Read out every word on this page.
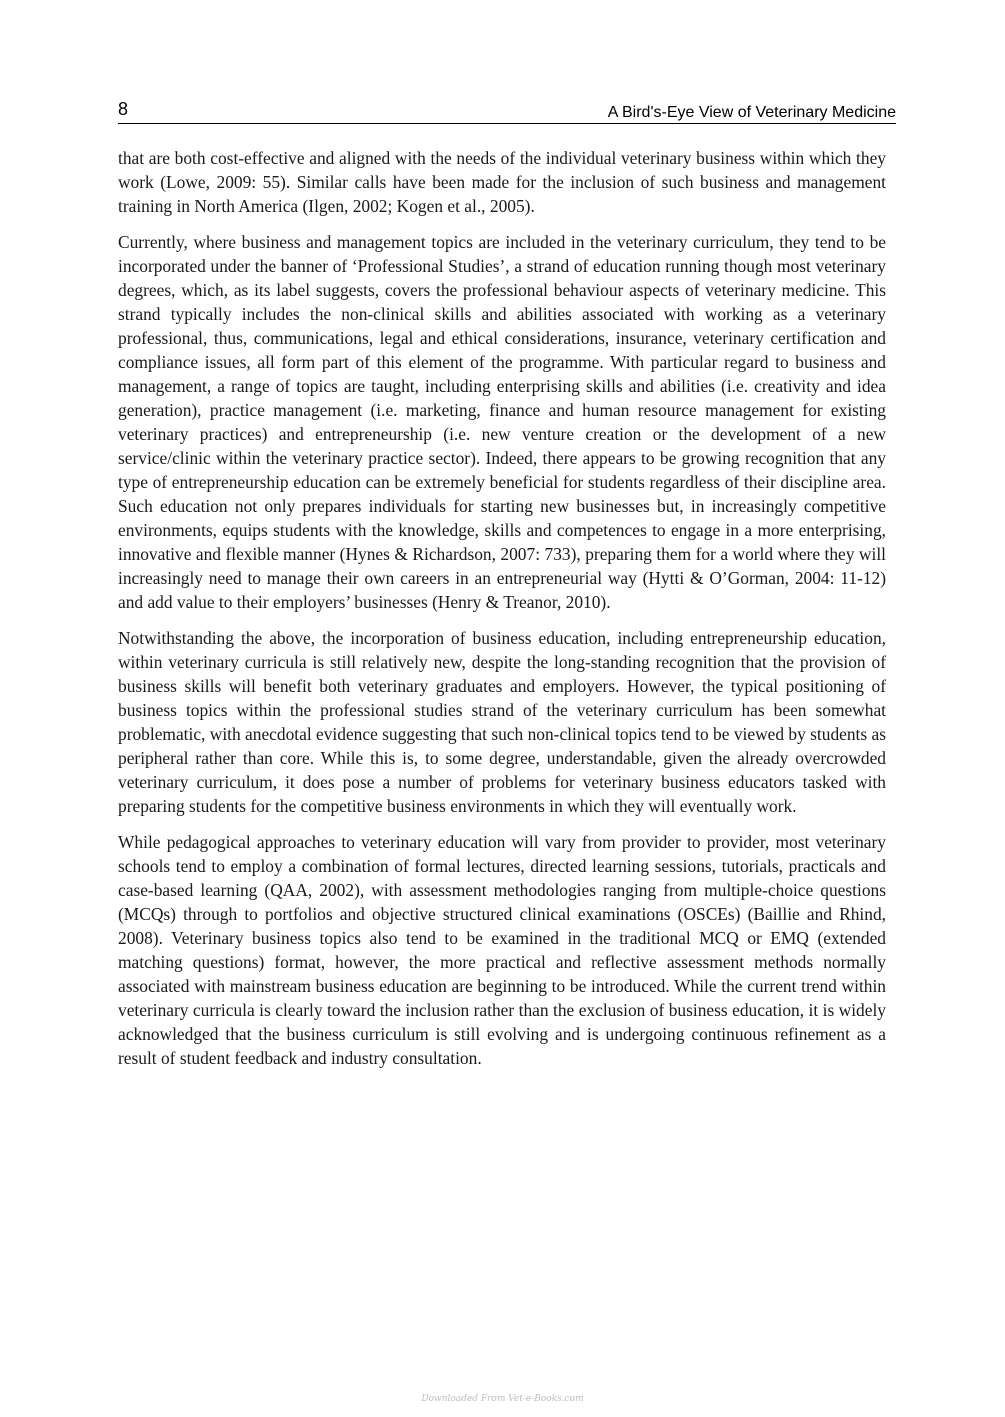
8	A Bird's-Eye View of Veterinary Medicine

that are both cost-effective and aligned with the needs of the individual veterinary business within which they work (Lowe, 2009: 55). Similar calls have been made for the inclusion of such business and management training in North America (Ilgen, 2002; Kogen et al., 2005).

Currently, where business and management topics are included in the veterinary curriculum, they tend to be incorporated under the banner of ‘Professional Studies’, a strand of education running though most veterinary degrees, which, as its label suggests, covers the professional behaviour aspects of veterinary medicine. This strand typically includes the non-clinical skills and abilities associated with working as a veterinary professional, thus, communications, legal and ethical considerations, insurance, veterinary certification and compliance issues, all form part of this element of the programme. With particular regard to business and management, a range of topics are taught, including enterprising skills and abilities (i.e. creativity and idea generation), practice management (i.e. marketing, finance and human resource management for existing veterinary practices) and entrepreneurship (i.e. new venture creation or the development of a new service/clinic within the veterinary practice sector). Indeed, there appears to be growing recognition that any type of entrepreneurship education can be extremely beneficial for students regardless of their discipline area. Such education not only prepares individuals for starting new businesses but, in increasingly competitive environments, equips students with the knowledge, skills and competences to engage in a more enterprising, innovative and flexible manner (Hynes & Richardson, 2007: 733), preparing them for a world where they will increasingly need to manage their own careers in an entrepreneurial way (Hytti & O’Gorman, 2004: 11-12) and add value to their employers’ businesses (Henry & Treanor, 2010).

Notwithstanding the above, the incorporation of business education, including entrepreneurship education, within veterinary curricula is still relatively new, despite the long-standing recognition that the provision of business skills will benefit both veterinary graduates and employers. However, the typical positioning of business topics within the professional studies strand of the veterinary curriculum has been somewhat problematic, with anecdotal evidence suggesting that such non-clinical topics tend to be viewed by students as peripheral rather than core. While this is, to some degree, understandable, given the already overcrowded veterinary curriculum, it does pose a number of problems for veterinary business educators tasked with preparing students for the competitive business environments in which they will eventually work.

While pedagogical approaches to veterinary education will vary from provider to provider, most veterinary schools tend to employ a combination of formal lectures, directed learning sessions, tutorials, practicals and case-based learning (QAA, 2002), with assessment methodologies ranging from multiple-choice questions (MCQs) through to portfolios and objective structured clinical examinations (OSCEs) (Baillie and Rhind, 2008). Veterinary business topics also tend to be examined in the traditional MCQ or EMQ (extended matching questions) format, however, the more practical and reflective assessment methods normally associated with mainstream business education are beginning to be introduced. While the current trend within veterinary curricula is clearly toward the inclusion rather than the exclusion of business education, it is widely acknowledged that the business curriculum is still evolving and is undergoing continuous refinement as a result of student feedback and industry consultation.

Downloaded From Vet-e-Books.com
